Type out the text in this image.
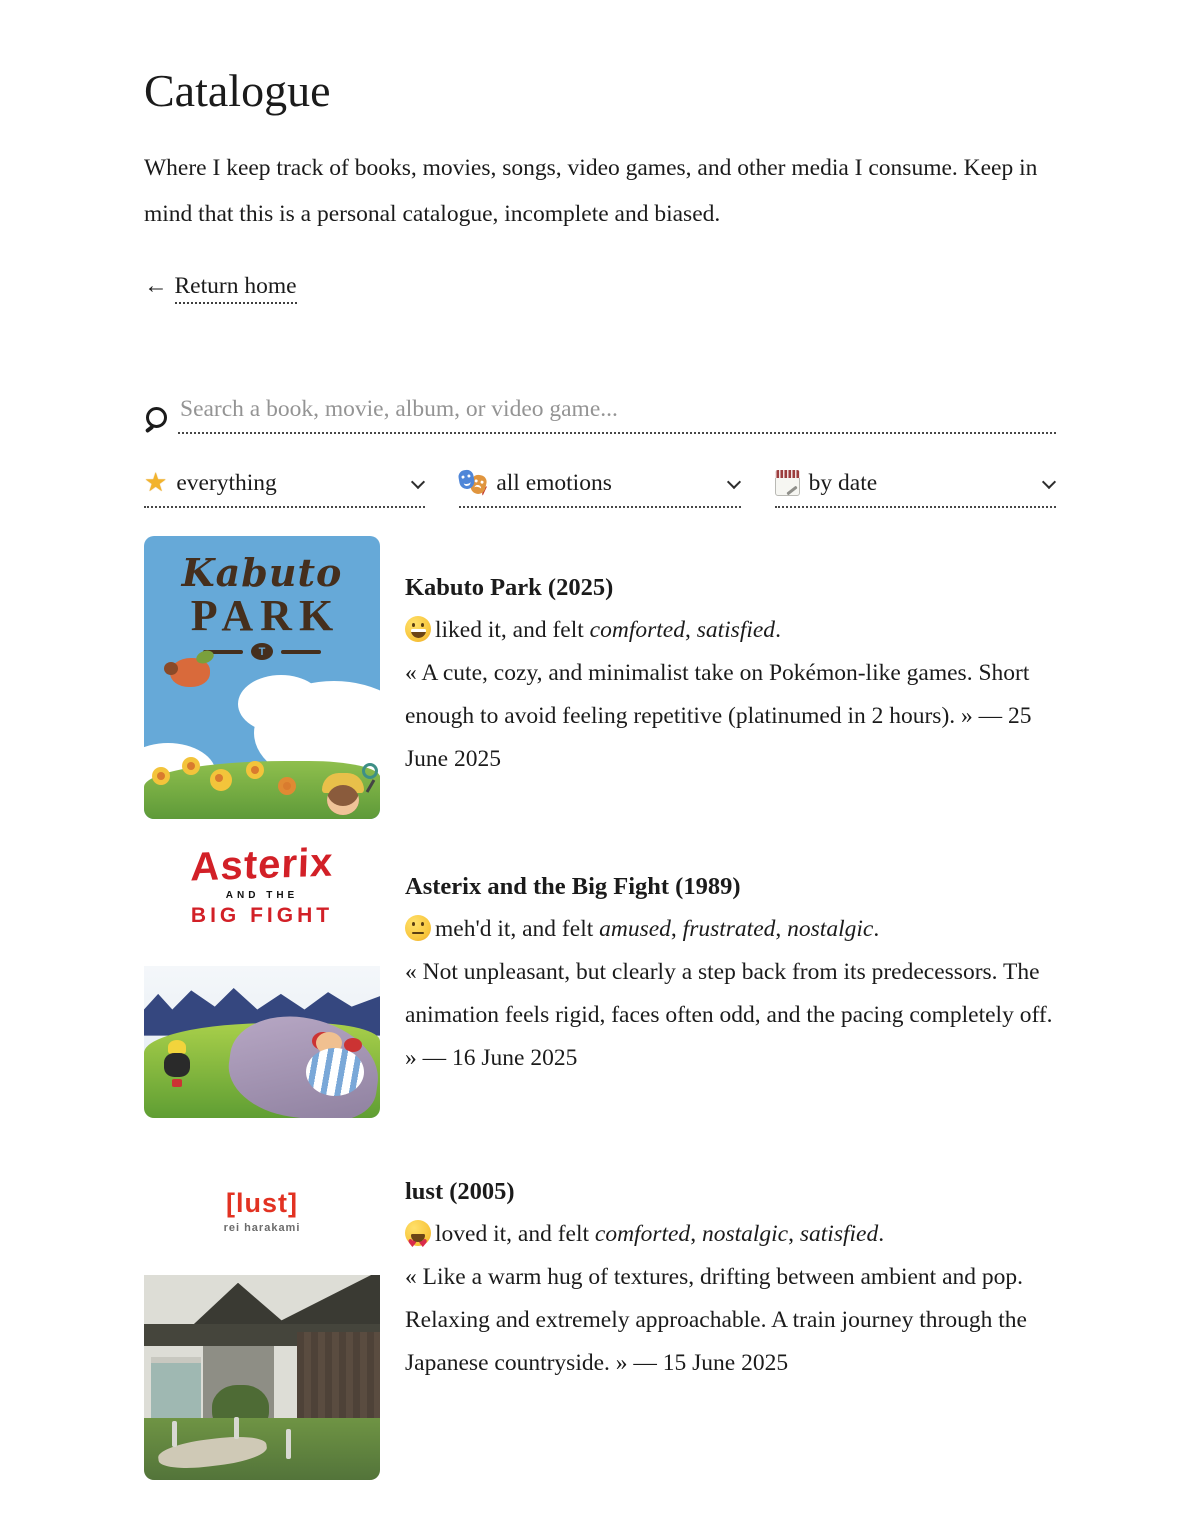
Catalogue

Where I keep track of books, movies, songs, video games, and other media I consume. Keep in mind that this is a personal catalogue, incomplete and biased.

← Return home

Search a book, movie, album, or video game...
★ everything	all emotions	by date
Kabuto
PARK
T
Kabuto Park (2025)

liked it, and felt comforted, satisfied.

« A cute, cozy, and minimalist take on Pokémon-like games. Short enough to avoid feeling repetitive (platinumed in 2 hours). » — 25 June 2025

Asterix
AND THE
BIG FIGHT
Asterix and the Big Fight (1989)

meh'd it, and felt amused, frustrated, nostalgic.

« Not unpleasant, but clearly a step back from its predecessors. The animation feels rigid, faces often odd, and the pacing completely off. » — 16 June 2025

[lust]
rei harakami
lust (2005)

♥♥loved it, and felt comforted, nostalgic, satisfied.

« Like a warm hug of textures, drifting between ambient and pop. Relaxing and extremely approachable. A train journey through the Japanese countryside. » — 15 June 2025
